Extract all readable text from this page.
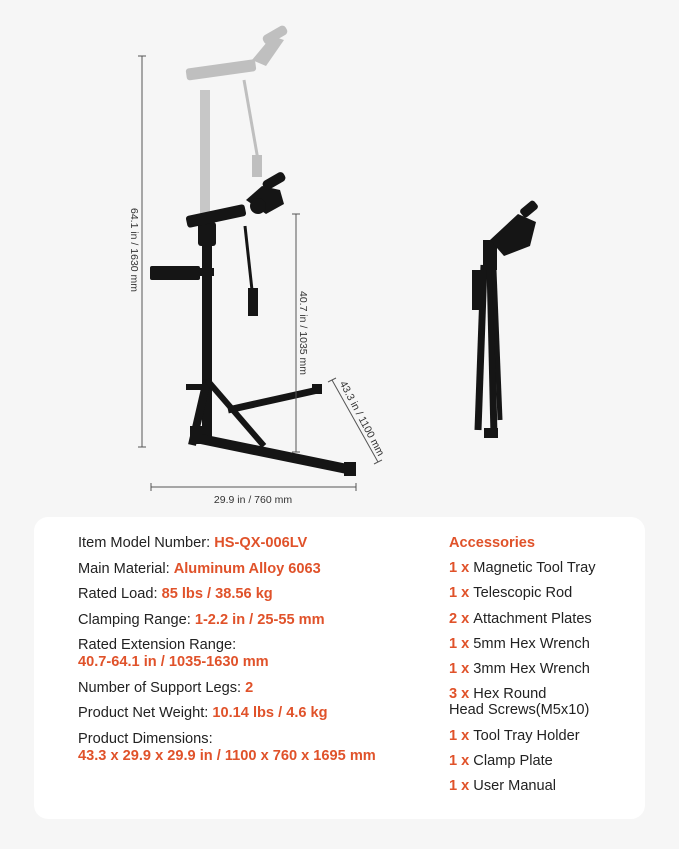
64.1 in / 1630 mm
40.7 in / 1035 mm
43.3 in / 1100 mm
29.9 in / 760 mm
Item Model Number: HS-QX-006LV
Main Material: Aluminum Alloy 6063
Rated Load: 85 lbs / 38.56 kg
Clamping Range: 1-2.2 in / 25-55 mm
Rated Extension Range:
40.7-64.1 in / 1035-1630 mm
Number of Support Legs: 2
Product Net Weight: 10.14 lbs / 4.6 kg
Product Dimensions:
43.3 x 29.9 x 29.9 in / 1100 x 760 x 1695 mm
Accessories
1 x Magnetic Tool Tray
1 x Telescopic Rod
2 x Attachment Plates
1 x 5mm Hex Wrench
1 x 3mm Hex Wrench
3 x Hex Round
Head Screws(M5x10)
1 x Tool Tray Holder
1 x Clamp Plate
1 x User Manual
